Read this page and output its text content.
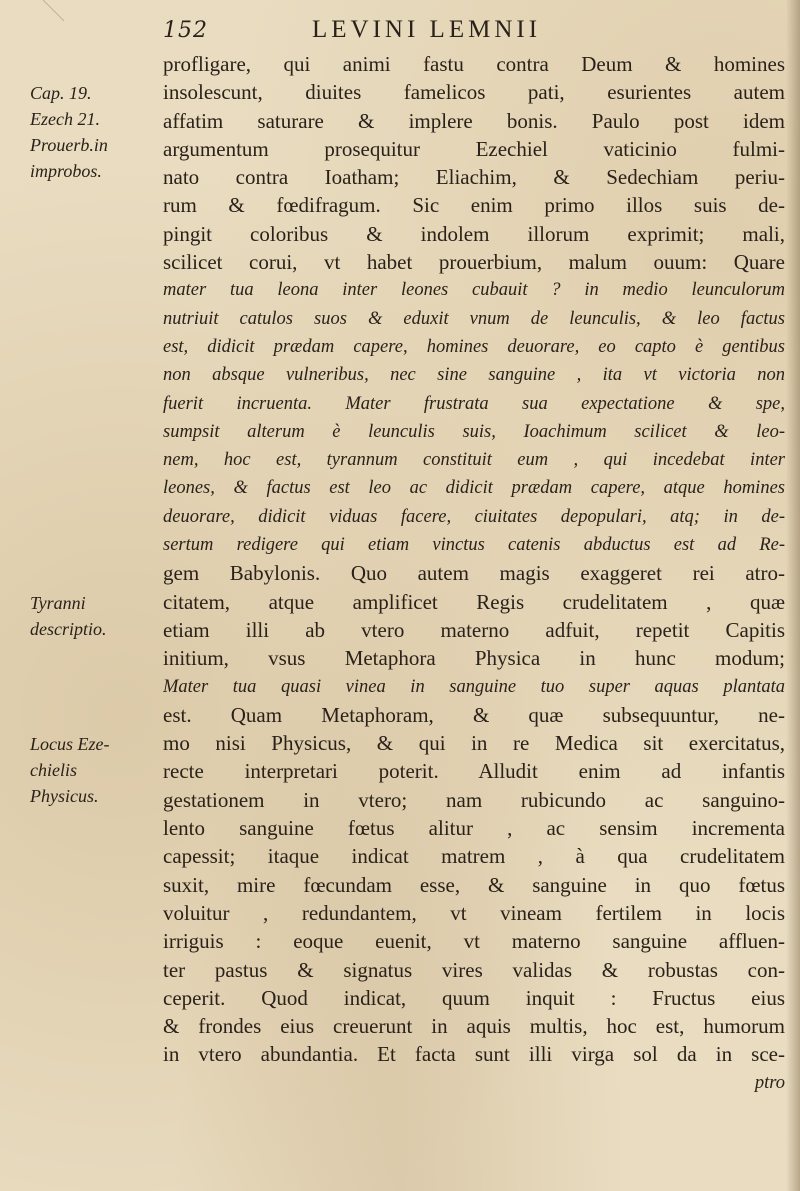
152	LEVINI LEMNII
Cap. 19.
Ezech 21.
Prouerb.in
improbos.
Tyranni
descriptio.
Locus Eze-
chielis
Physicus.
profligare, qui animi fastu contra Deum & homines
insolescunt, diuites famelicos pati, esurientes autem
affatim saturare & implere bonis. Paulo post idem
argumentum prosequitur Ezechiel vaticinio fulmi-
nato contra Ioatham; Eliachim, & Sedechiam periu-
rum & fœdifragum. Sic enim primo illos suis de-
pingit coloribus & indolem illorum exprimit; mali,
scilicet corui, vt habet prouerbium, malum ouum: Quare
mater tua leona inter leones cubauit ? in medio leunculorum
nutriuit catulos suos & eduxit vnum de leunculis, & leo factus
est, didicit prædam capere, homines deuorare, eo capto è gentibus
non absque vulneribus, nec sine sanguine , ita vt victoria non
fuerit incruenta. Mater frustrata sua expectatione & spe,
sumpsit alterum è leunculis suis, Ioachimum scilicet & leo-
nem, hoc est, tyrannum constituit eum , qui incedebat inter
leones, & factus est leo ac didicit prædam capere, atque homines
deuorare, didicit viduas facere, ciuitates depopulari, atq; in de-
sertum redigere qui etiam vinctus catenis abductus est ad Re-
gem Babylonis. Quo autem magis exaggeret rei atro-
citatem, atque amplificet Regis crudelitatem , quæ
etiam illi ab vtero materno adfuit, repetit Capitis
initium, vsus Metaphora Physica in hunc modum;
Mater tua quasi vinea in sanguine tuo super aquas plantata
est. Quam Metaphoram, & quæ subsequuntur, ne-
mo nisi Physicus, & qui in re Medica sit exercitatus,
recte interpretari poterit. Alludit enim ad infantis
gestationem in vtero; nam rubicundo ac sanguino-
lento sanguine fœtus alitur , ac sensim incrementa
capessit; itaque indicat matrem , à qua crudelitatem
suxit, mire fœcundam esse, & sanguine in quo fœtus
voluitur , redundantem, vt vineam fertilem in locis
irriguis : eoque euenit, vt materno sanguine affluen-
ter pastus & signatus vires validas & robustas con-
ceperit. Quod indicat, quum inquit : Fructus eius
& frondes eius creuerunt in aquis multis, hoc est, humorum
in vtero abundantia. Et facta sunt illi virga sol da in sce-
ptro
